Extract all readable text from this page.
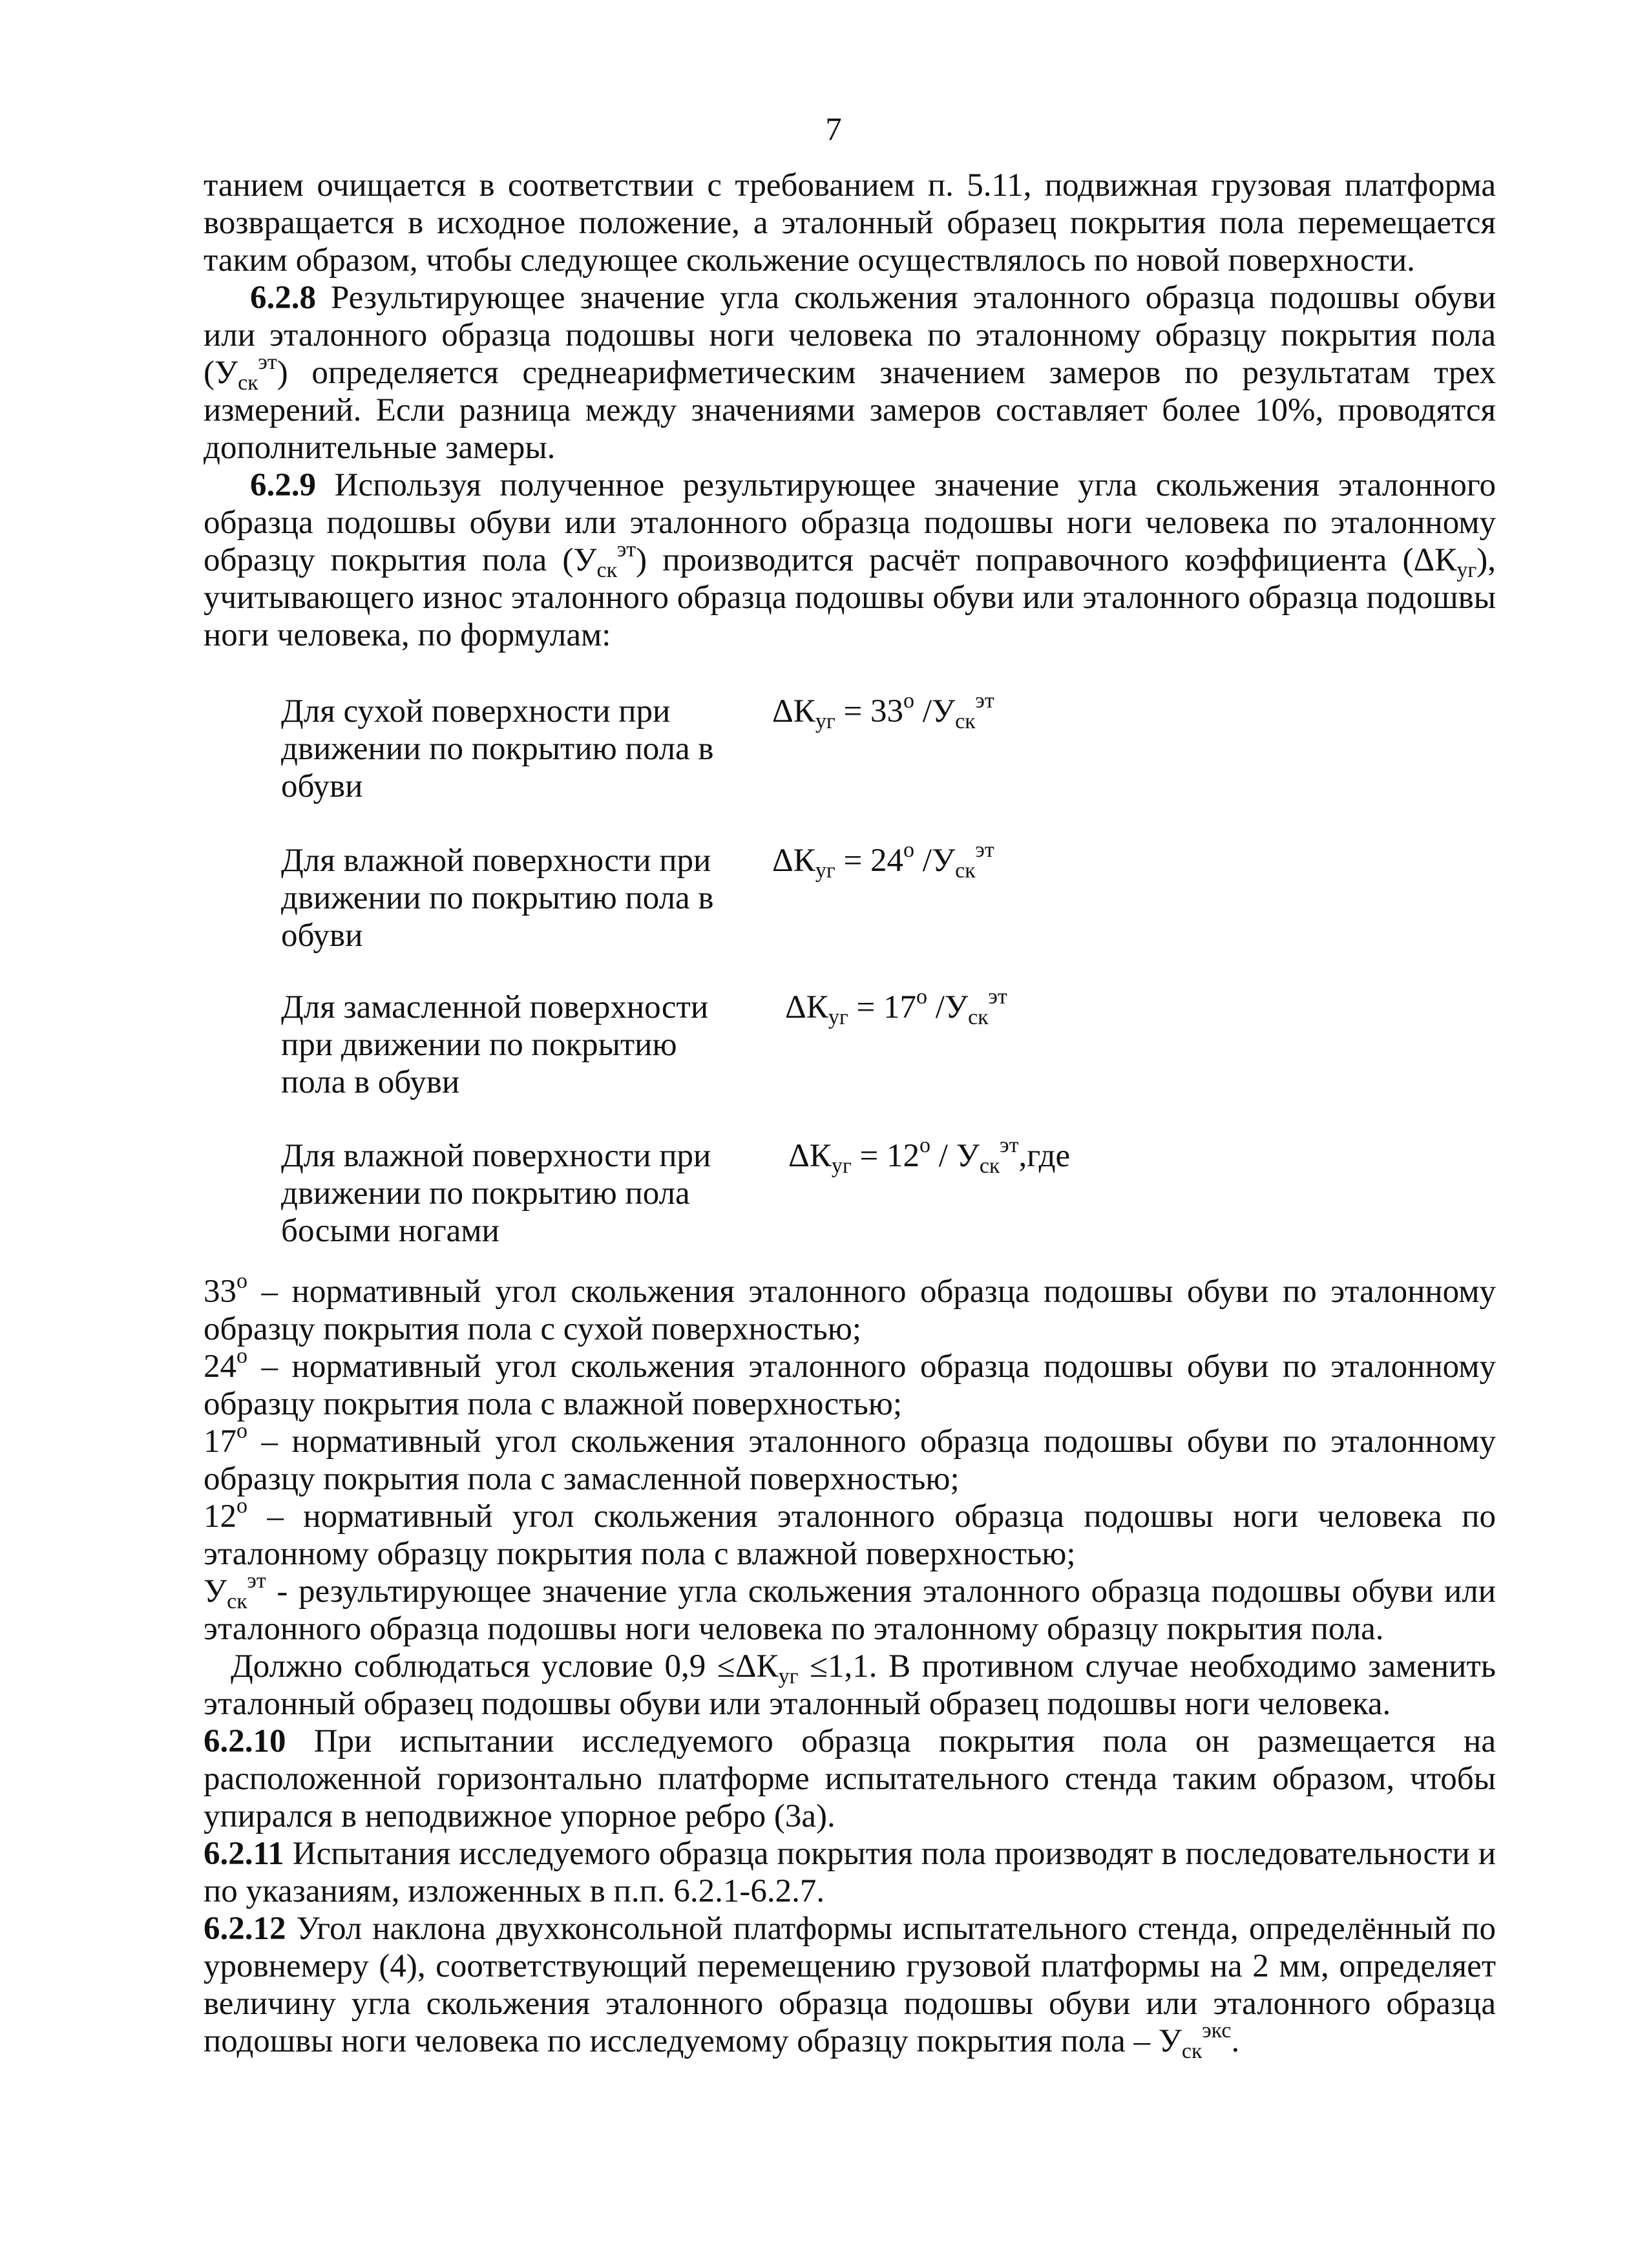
7

танием очищается в соответствии с требованием п. 5.11, подвижная грузовая платформа возвращается в исходное положение, а эталонный образец покрытия пола перемещается таким образом, чтобы следующее скольжение осуществлялось по новой поверхности.

6.2.8 Результирующее значение угла скольжения эталонного образца подошвы обуви или эталонного образца подошвы ноги человека по эталонному образцу покрытия пола (Уск$^{эт}$) определяется среднеарифметическим значением замеров по результатам трех измерений. Если разница между значениями замеров составляет более 10%, проводятся дополнительные замеры.

6.2.9 Используя полученное результирующее значение угла скольжения эталонного образца подошвы обуви или эталонного образца подошвы ноги человека по эталонному образцу покрытия пола (Уск$^{эт}$) производится расчёт поправочного коэффициента (ΔКуг), учитывающего износ эталонного образца подошвы обуви или эталонного образца подошвы ноги человека, по формулам:

Для сухой поверхности при движении по покрытию пола в обуви
$\Delta Куг = 33^о$ /Уск$^{эт}$
Для влажной поверхности при движении по покрытию пола в обуви
$\Delta Куг = 24^о$ /Уск$^{эт}$
Для замасленной поверхности при движении по покрытию пола в обуви
$\Delta Куг = 17^о$ /Уск$^{эт}$
Для влажной поверхности при движении по покрытию пола босыми ногами
$\Delta Куг = 12^о / Уск^{эт},где$

$33^о$ – нормативный угол скольжения эталонного образца подошвы обуви по эталонному образцу покрытия пола с сухой поверхностью;

$24^о$ – нормативный угол скольжения эталонного образца подошвы обуви по эталонному образцу покрытия пола с влажной поверхностью;

$17^о$ – нормативный угол скольжения эталонного образца подошвы обуви по эталонному образцу покрытия пола с замасленной поверхностью;

$12^о$ – нормативный угол скольжения эталонного образца подошвы ноги человека по эталонному образцу покрытия пола с влажной поверхностью;

Уск$^{эт}$ - результирующее значение угла скольжения эталонного образца подошвы обуви или эталонного образца подошвы ноги человека по эталонному образцу покрытия пола.

Должно соблюдаться условие 0,9 ≤ΔКуг ≤1,1. В противном случае необходимо заменить эталонный образец подошвы обуви или эталонный образец подошвы ноги человека.

6.2.10 При испытании исследуемого образца покрытия пола он размещается на расположенной горизонтально платформе испытательного стенда таким образом, чтобы упирался в неподвижное упорное ребро (3а).

6.2.11 Испытания исследуемого образца покрытия пола производят в последовательности и по указаниям, изложенных в п.п. 6.2.1-6.2.7.

6.2.12 Угол наклона двухконсольной платформы испытательного стенда, определённый по уровнемеру (4), соответствующий перемещению грузовой платформы на 2 мм, определяет величину угла скольжения эталонного образца подошвы обуви или эталонного образца подошвы ноги человека по исследуемому образцу покрытия пола – Уск$^{экс}$.
